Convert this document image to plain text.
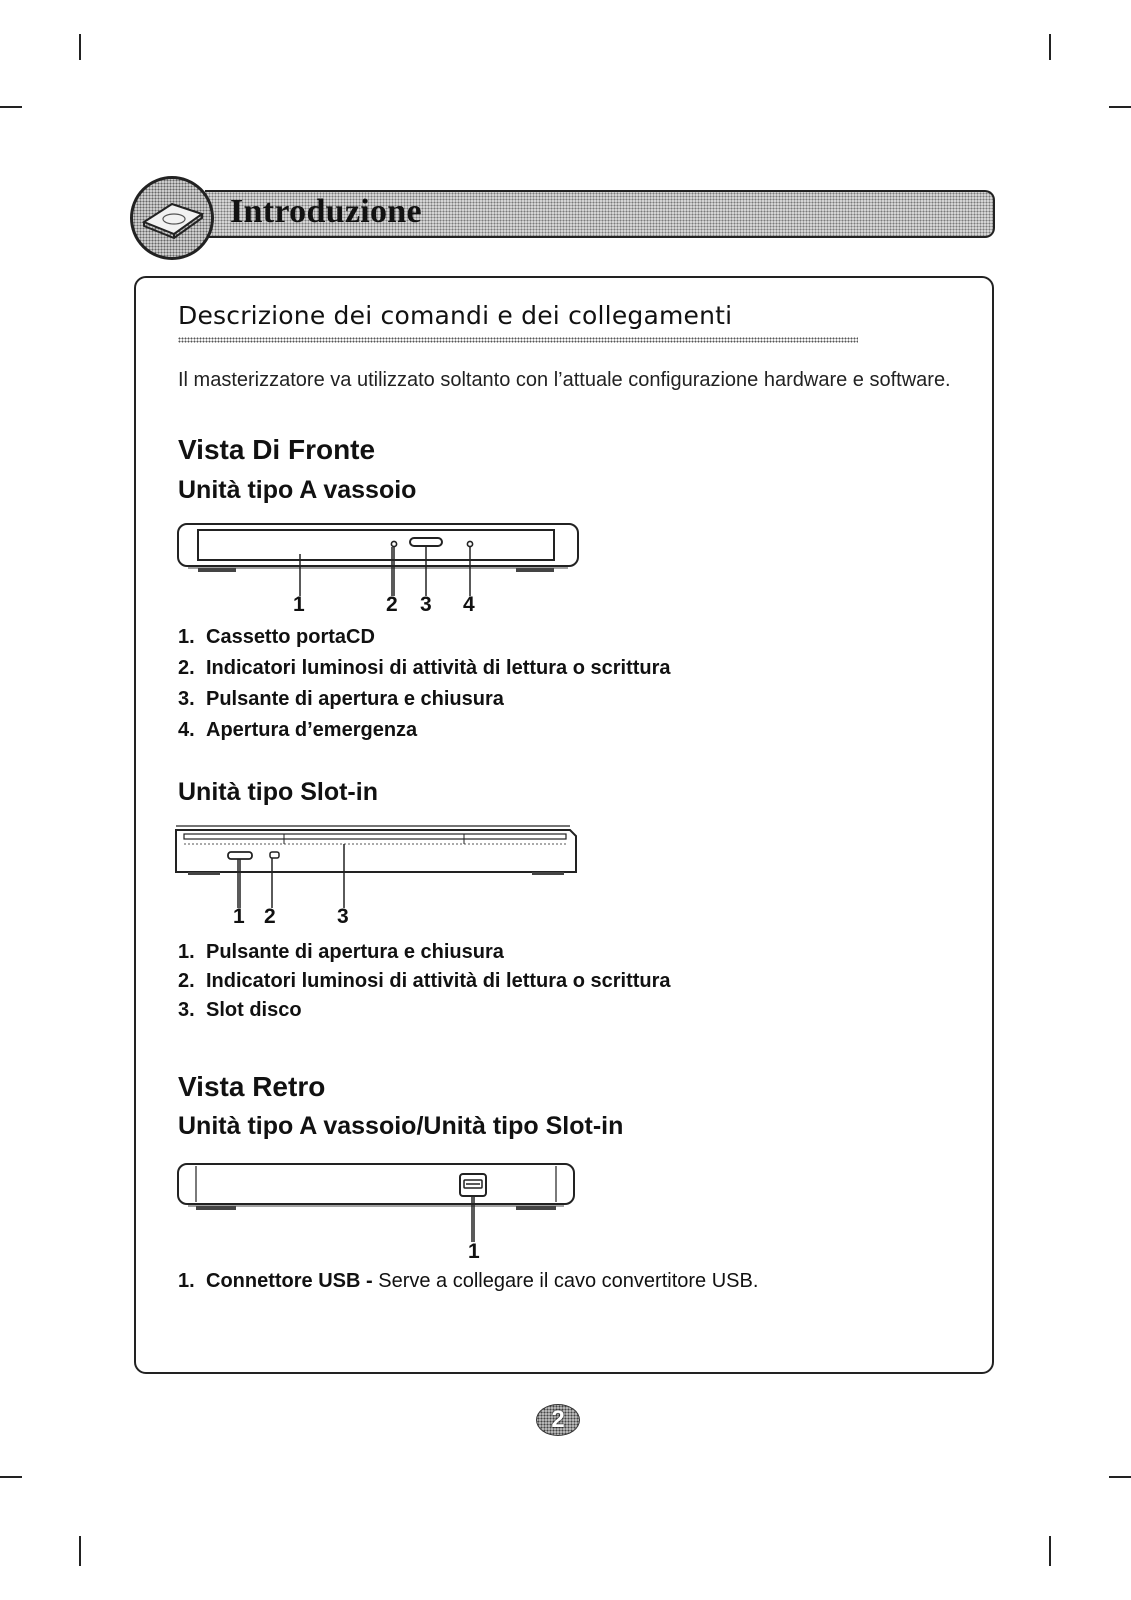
Introduzione
Descrizione dei comandi e dei collegamenti
Il masterizzatore va utilizzato soltanto con l’attuale configurazione hardware e software.
Vista Di Fronte
Unità tipo A vassoio
1	2 3 4
1. Cassetto portaCD
2. Indicatori luminosi di attività di lettura o scrittura
3. Pulsante di apertura e chiusura
4. Apertura d’emergenza
Unità tipo Slot-in
1 2	3
1. Pulsante di apertura e chiusura
2. Indicatori luminosi di attività di lettura o scrittura
3. Slot disco
Vista Retro
Unità tipo A vassoio/Unità tipo Slot-in
1
1. Connettore USB - Serve a collegare il cavo convertitore USB.
2
